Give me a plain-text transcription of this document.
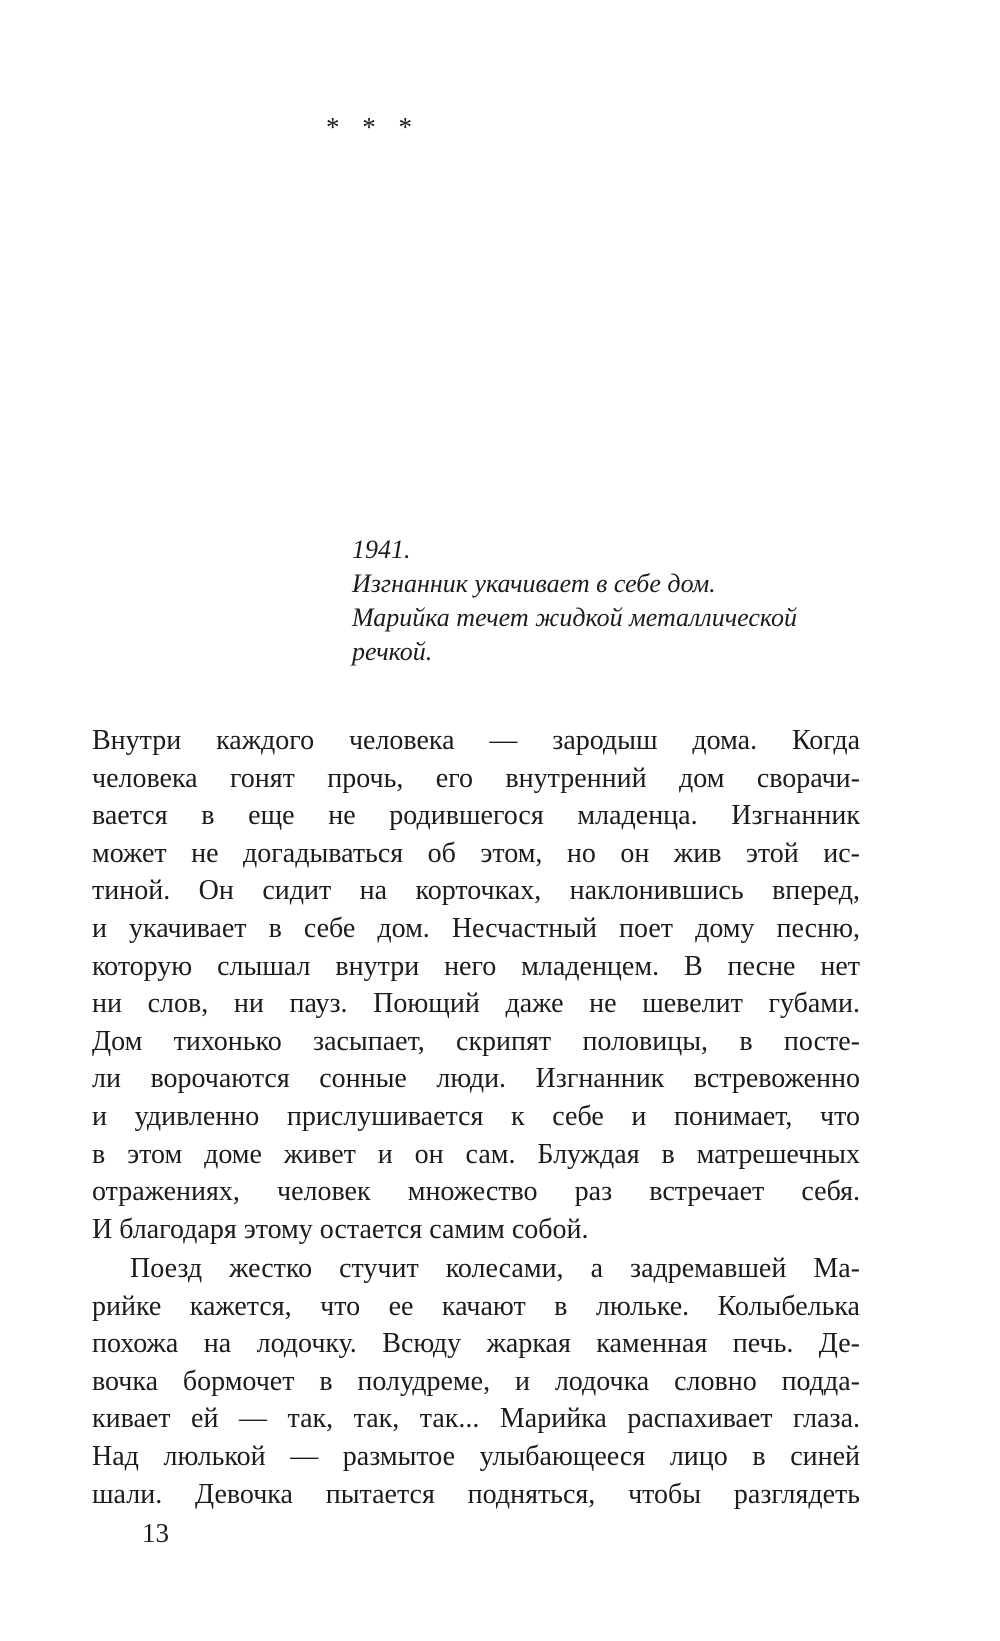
* * *
1941.
Изгнанник укачивает в себе дом.
Марийка течет жидкой металлической
речкой.
Внутри каждого человека — зародыш дома. Когда
человека гонят прочь, его внутренний дом сворачи-
вается в еще не родившегося младенца. Изгнанник
может не догадываться об этом, но он жив этой ис-
тиной. Он сидит на корточках, наклонившись вперед,
и укачивает в себе дом. Несчастный поет дому песню,
которую слышал внутри него младенцем. В песне нет
ни слов, ни пауз. Поющий даже не шевелит губами.
Дом тихонько засыпает, скрипят половицы, в посте-
ли ворочаются сонные люди. Изгнанник встревоженно
и удивленно прислушивается к себе и понимает, что
в этом доме живет и он сам. Блуждая в матрешечных
отражениях, человек множество раз встречает себя.
И благодаря этому остается самим собой.
Поезд жестко стучит колесами, а задремавшей Ма-
рийке кажется, что ее качают в люльке. Колыбелька
похожа на лодочку. Всюду жаркая каменная печь. Де-
вочка бормочет в полудреме, и лодочка словно подда-
кивает ей — так, так, так... Марийка распахивает глаза.
Над люлькой — размытое улыбающееся лицо в синей
шали. Девочка пытается подняться, чтобы разглядеть
13
